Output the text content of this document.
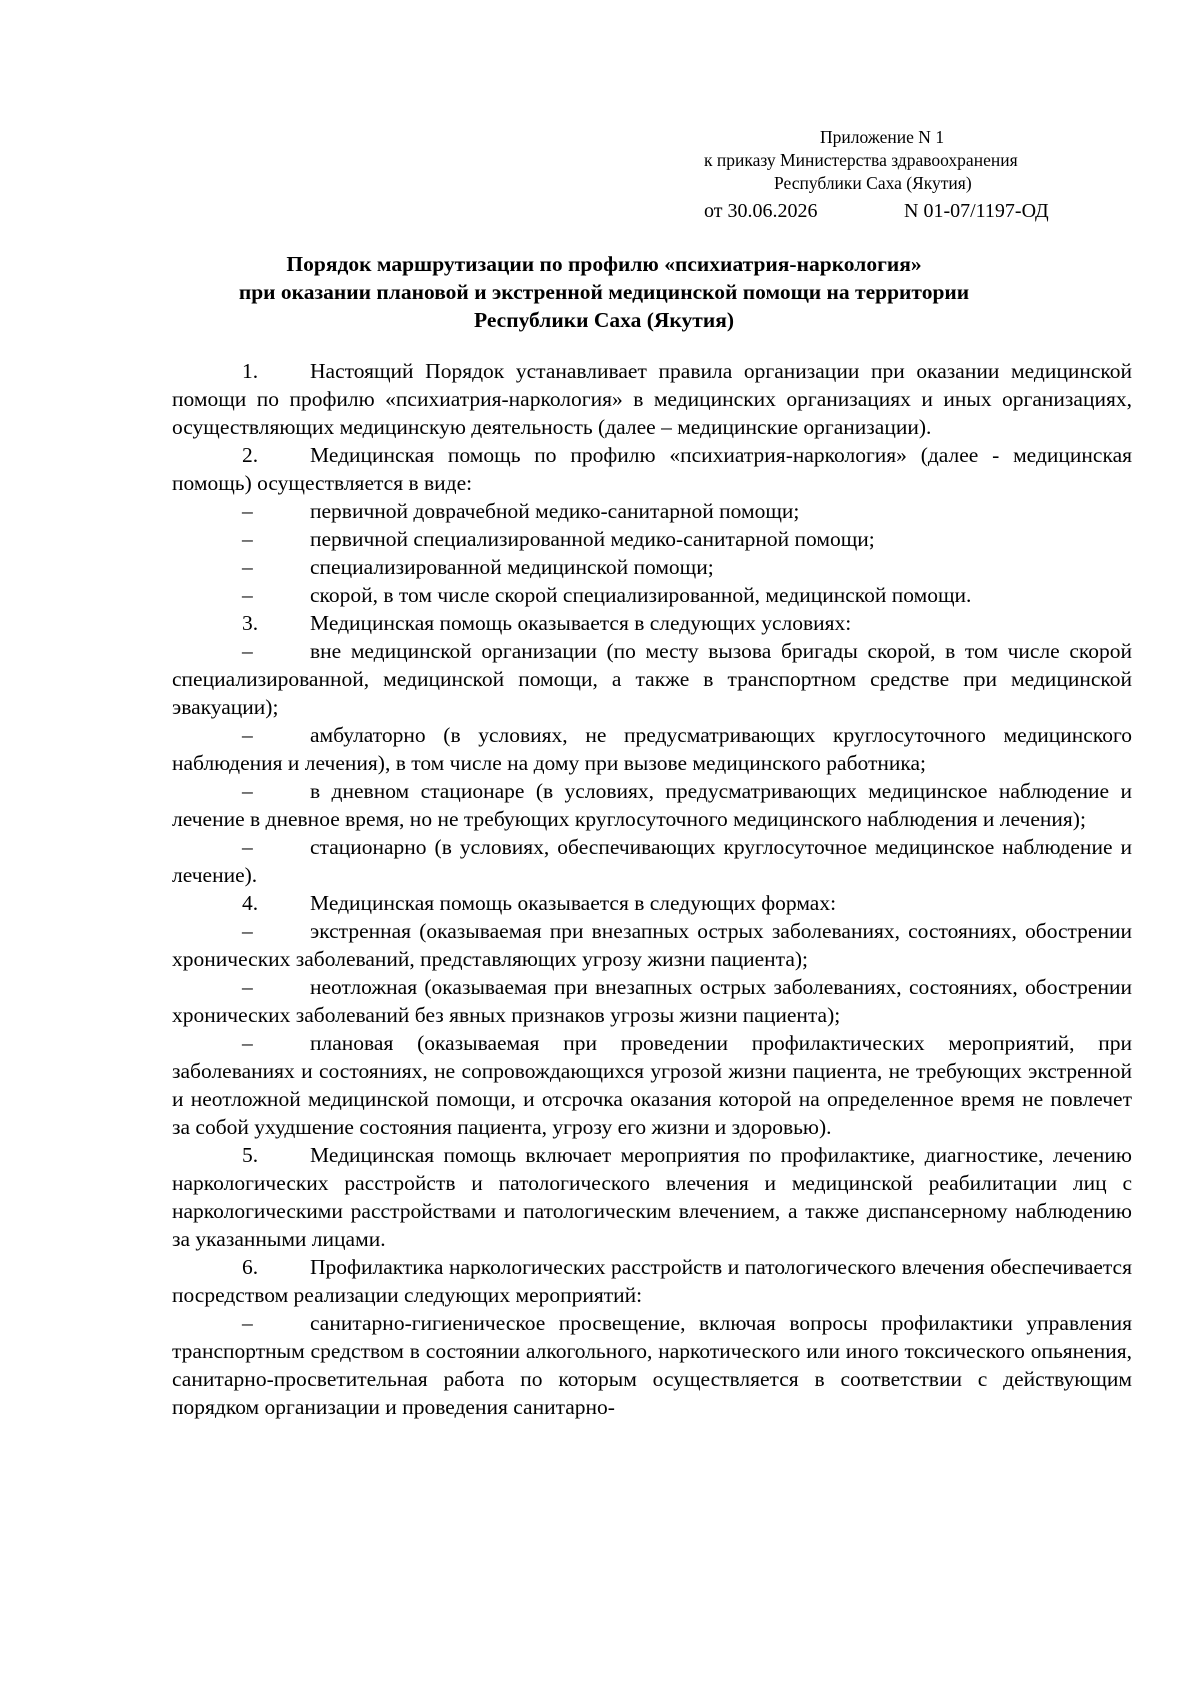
Приложение N 1
к приказу Министерства здравоохранения
Республики Саха (Якутия)
от 30.06.2026	N 01-07/1197-ОД
Порядок маршрутизации по профилю «психиатрия-наркология»
при оказании плановой и экстренной медицинской помощи на территории
Республики Саха (Якутия)

1. Настоящий Порядок устанавливает правила организации при оказании медицинской помощи по профилю «психиатрия-наркология» в медицинских организациях и иных организациях, осуществляющих медицинскую деятельность (далее – медицинские организации).

2. Медицинская помощь по профилю «психиатрия-наркология» (далее - медицинская помощь) осуществляется в виде:

–	первичной доврачебной медико-санитарной помощи;

–	первичной специализированной медико-санитарной помощи;

–	специализированной медицинской помощи;

–	скорой, в том числе скорой специализированной, медицинской помощи.

3. Медицинская помощь оказывается в следующих условиях:

–	вне медицинской организации (по месту вызова бригады скорой, в том числе скорой специализированной, медицинской помощи, а также в транспортном средстве при медицинской эвакуации);

–	амбулаторно (в условиях, не предусматривающих круглосуточного медицинского наблюдения и лечения), в том числе на дому при вызове медицинского работника;

–	в дневном стационаре (в условиях, предусматривающих медицинское наблюдение и лечение в дневное время, но не требующих круглосуточного медицинского наблюдения и лечения);

–	стационарно (в условиях, обеспечивающих круглосуточное медицинское наблюдение и лечение).

4. Медицинская помощь оказывается в следующих формах:

–	экстренная (оказываемая при внезапных острых заболеваниях, состояниях, обострении хронических заболеваний, представляющих угрозу жизни пациента);

–	неотложная (оказываемая при внезапных острых заболеваниях, состояниях, обострении хронических заболеваний без явных признаков угрозы жизни пациента);

–	плановая (оказываемая при проведении профилактических мероприятий, при заболеваниях и состояниях, не сопровождающихся угрозой жизни пациента, не требующих экстренной и неотложной медицинской помощи, и отсрочка оказания которой на определенное время не повлечет за собой ухудшение состояния пациента, угрозу его жизни и здоровью).

5. Медицинская помощь включает мероприятия по профилактике, диагностике, лечению наркологических расстройств и патологического влечения и медицинской реабилитации лиц с наркологическими расстройствами и патологическим влечением, а также диспансерному наблюдению за указанными лицами.

6. Профилактика наркологических расстройств и патологического влечения обеспечивается посредством реализации следующих мероприятий:

–	санитарно-гигиеническое просвещение, включая вопросы профилактики управления транспортным средством в состоянии алкогольного, наркотического или иного токсического опьянения, санитарно-просветительная работа по которым осуществляется в соответствии с действующим порядком организации и проведения санитарно-
